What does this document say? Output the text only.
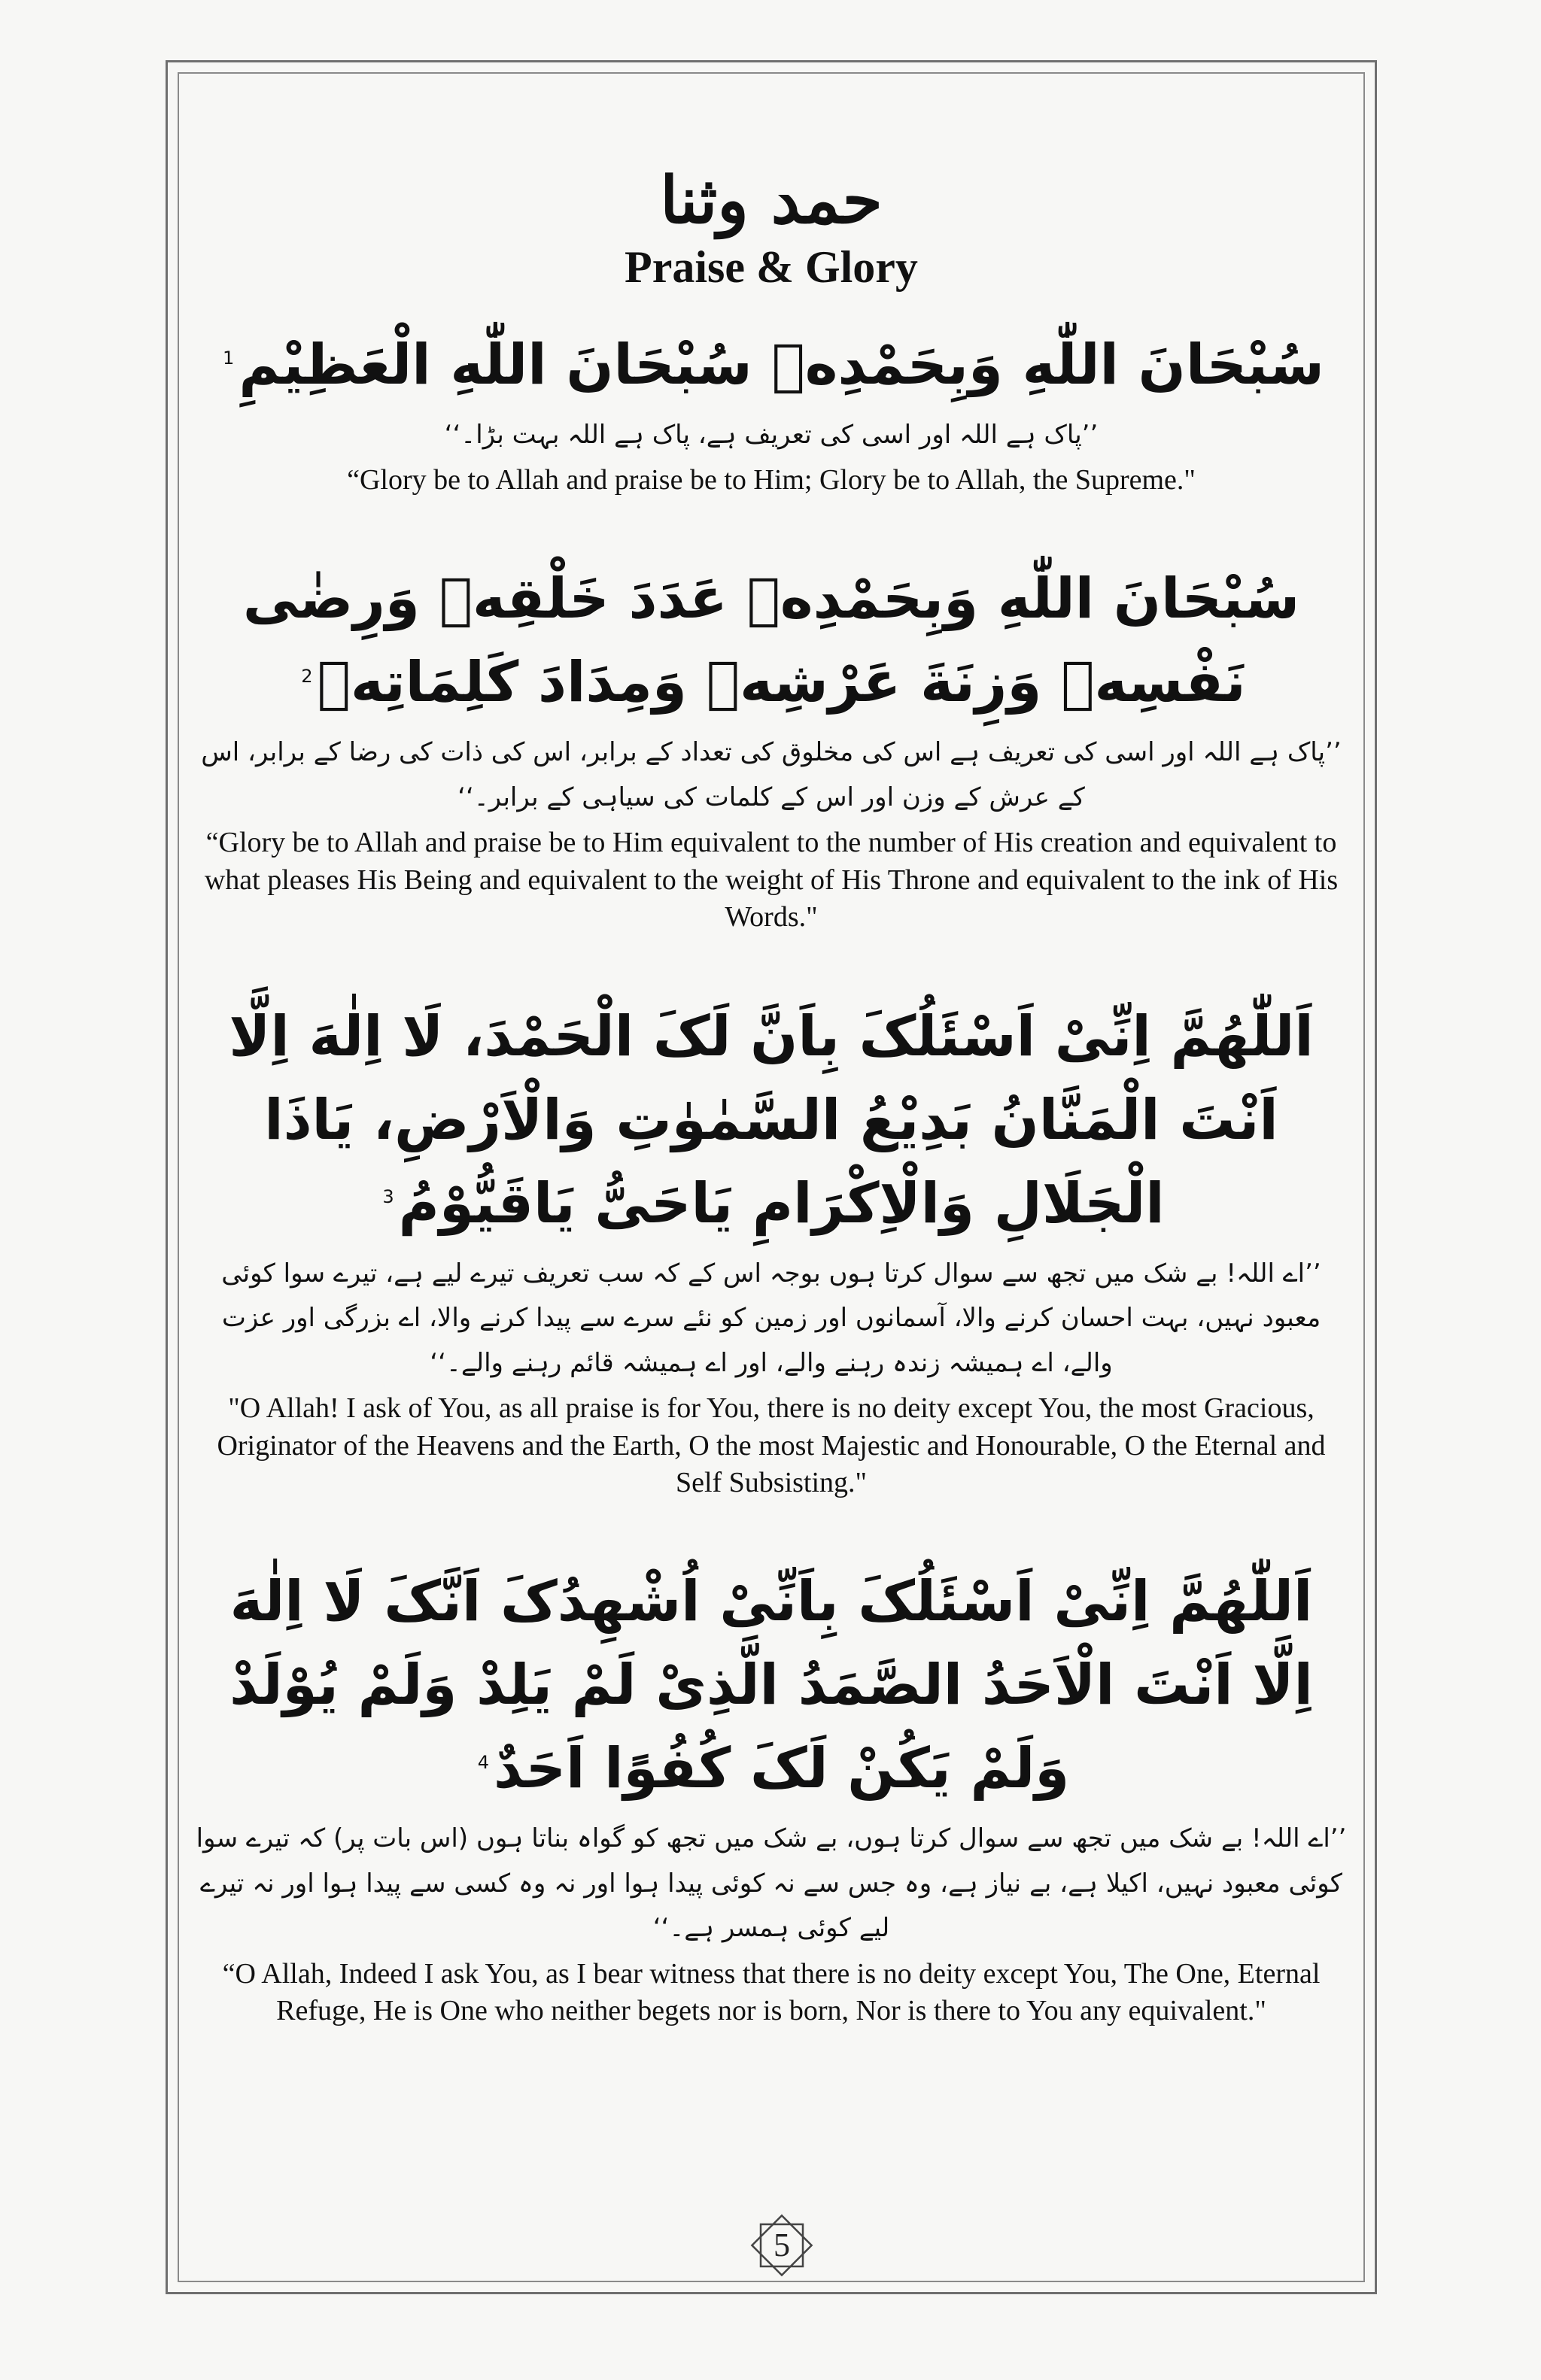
حمد وثنا
Praise & Glory

سُبْحَانَ اللّٰهِ وَبِحَمْدِهٖ سُبْحَانَ اللّٰهِ الْعَظِيْمِ$^1$

’’پاک ہے اللہ اور اسی کی تعریف ہے، پاک ہے اللہ بہت بڑا۔‘‘

“Glory be to Allah and praise be to Him; Glory be to Allah, the Supreme."

سُبْحَانَ اللّٰهِ وَبِحَمْدِهٖ عَدَدَ خَلْقِهٖ وَرِضٰى نَفْسِهٖ وَزِنَةَ عَرْشِهٖ وَمِدَادَ كَلِمَاتِهٖ$^2$

’’پاک ہے اللہ اور اسی کی تعریف ہے اس کی مخلوق کی تعداد کے برابر، اس کی ذات کی رضا کے برابر، اس کے عرش کے وزن اور اس کے کلمات کی سیاہی کے برابر۔‘‘

“Glory be to Allah and praise be to Him equivalent to the number of His creation and equivalent to what pleases His Being and equivalent to the weight of His Throne and equivalent to the ink of His Words."

اَللّٰهُمَّ اِنِّىْ اَسْئَلُکَ بِاَنَّ لَکَ الْحَمْدَ، لَا اِلٰهَ اِلَّا اَنْتَ الْمَنَّانُ بَدِيْعُ السَّمٰوٰتِ وَالْاَرْضِ، يَاذَا الْجَلَالِ وَالْاِكْرَامِ يَاحَىُّ يَاقَيُّوْمُ$^3$

’’اے اللہ! بے شک میں تجھ سے سوال کرتا ہوں بوجہ اس کے کہ سب تعریف تیرے لیے ہے، تیرے سوا کوئی معبود نہیں، بہت احسان کرنے والا، آسمانوں اور زمین کو نئے سرے سے پیدا کرنے والا، اے بزرگی اور عزت والے، اے ہمیشہ زندہ رہنے والے، اور اے ہمیشہ قائم رہنے والے۔‘‘

"O Allah! I ask of You, as all praise is for You, there is no deity except You, the most Gracious, Originator of the Heavens and the Earth, O the most Majestic and Honourable, O the Eternal and Self Subsisting."

اَللّٰهُمَّ اِنِّىْ اَسْئَلُکَ بِاَنِّىْ اُشْهِدُکَ اَنَّکَ لَا اِلٰهَ اِلَّا اَنْتَ الْاَحَدُ الصَّمَدُ الَّذِىْ لَمْ يَلِدْ وَلَمْ يُوْلَدْ وَلَمْ يَكُنْ لَکَ كُفُوًا اَحَدٌ$^4$

’’اے اللہ! بے شک میں تجھ سے سوال کرتا ہوں، بے شک میں تجھ کو گواہ بناتا ہوں (اس بات پر) کہ تیرے سوا کوئی معبود نہیں، اکیلا ہے، بے نیاز ہے، وہ جس سے نہ کوئی پیدا ہوا اور نہ وہ کسی سے پیدا ہوا اور نہ تیرے لیے کوئی ہمسر ہے۔‘‘

“O Allah, Indeed I ask You, as I bear witness that there is no deity except You, The One, Eternal Refuge, He is One who neither begets nor is born, Nor is there to You any equivalent."

5
